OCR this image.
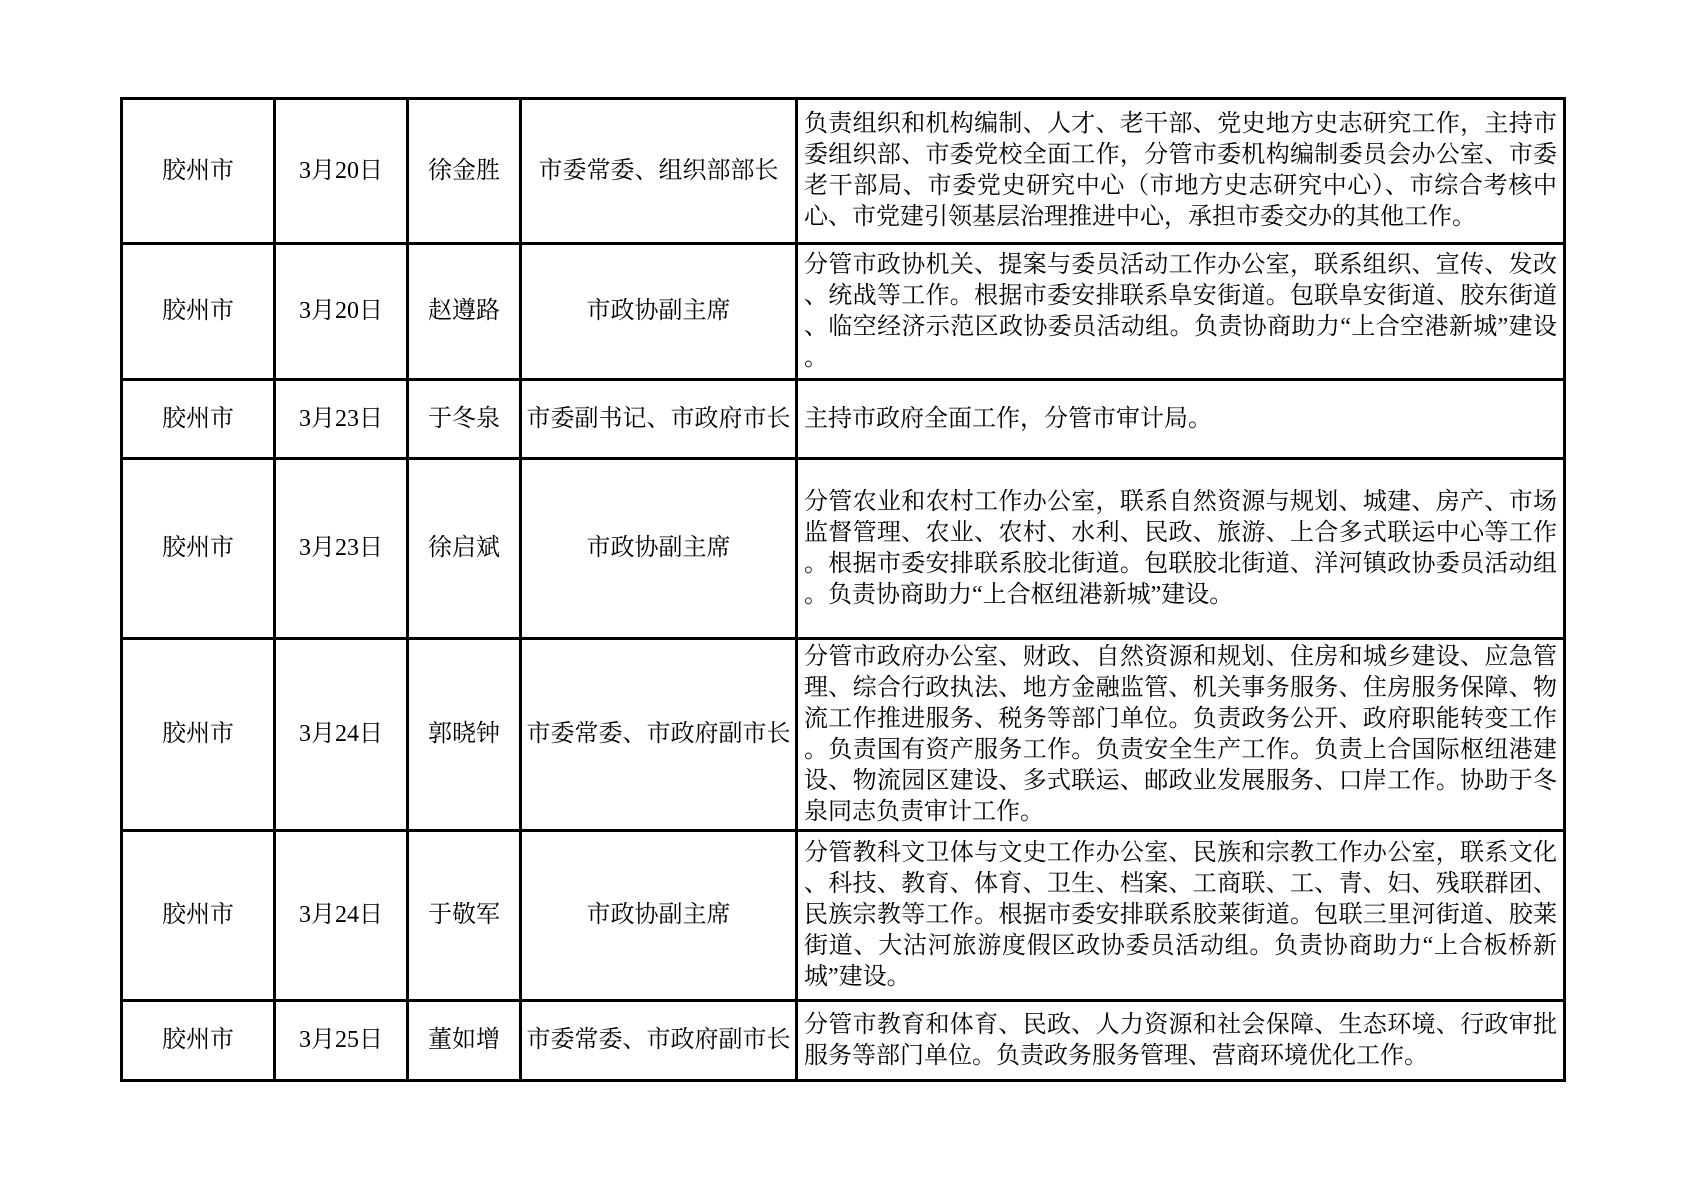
胶州市	3月20日	徐金胜	市委常委、组织部部长	负责组织和机构编制、人才、老干部、党史地方史志研究工作，主持市委组织部、市委党校全面工作，分管市委机构编制委员会办公室、市委老干部局、市委党史研究中心（市地方史志研究中心）、市综合考核中心、市党建引领基层治理推进中心，承担市委交办的其他工作。
胶州市	3月20日	赵遵路	市政协副主席	分管市政协机关、提案与委员活动工作办公室，联系组织、宣传、发改、统战等工作。根据市委安排联系阜安街道。包联阜安街道、胶东街道、临空经济示范区政协委员活动组。负责协商助力“上合空港新城”建设。
胶州市	3月23日	于冬泉	市委副书记、市政府市长	主持市政府全面工作，分管市审计局。
胶州市	3月23日	徐启斌	市政协副主席	分管农业和农村工作办公室，联系自然资源与规划、城建、房产、市场监督管理、农业、农村、水利、民政、旅游、上合多式联运中心等工作。根据市委安排联系胶北街道。包联胶北街道、洋河镇政协委员活动组。负责协商助力“上合枢纽港新城”建设。
胶州市	3月24日	郭晓钟	市委常委、市政府副市长	分管市政府办公室、财政、自然资源和规划、住房和城乡建设、应急管理、综合行政执法、地方金融监管、机关事务服务、住房服务保障、物流工作推进服务、税务等部门单位。负责政务公开、政府职能转变工作。负责国有资产服务工作。负责安全生产工作。负责上合国际枢纽港建设、物流园区建设、多式联运、邮政业发展服务、口岸工作。协助于冬泉同志负责审计工作。
胶州市	3月24日	于敬军	市政协副主席	分管教科文卫体与文史工作办公室、民族和宗教工作办公室，联系文化、科技、教育、体育、卫生、档案、工商联、工、青、妇、残联群团、民族宗教等工作。根据市委安排联系胶莱街道。包联三里河街道、胶莱街道、大沽河旅游度假区政协委员活动组。负责协商助力“上合板桥新城”建设。
胶州市	3月25日	董如增	市委常委、市政府副市长	分管市教育和体育、民政、人力资源和社会保障、生态环境、行政审批服务等部门单位。负责政务服务管理、营商环境优化工作。
